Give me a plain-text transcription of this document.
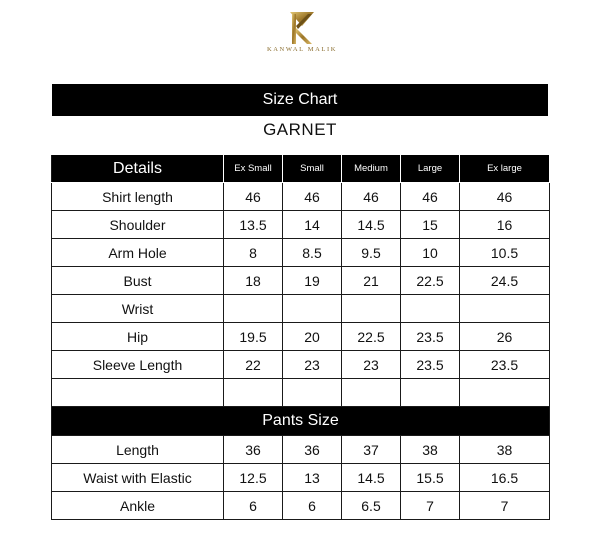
KANWAL MALIK
Size Chart
GARNET
Details	Ex Small	Small	Medium	Large	Ex large
Shirt length	46	46	46	46	46
Shoulder	13.5	14	14.5	15	16
Arm Hole	8	8.5	9.5	10	10.5
Bust	18	19	21	22.5	24.5
Wrist					
Hip	19.5	20	22.5	23.5	26
Sleeve Length	22	23	23	23.5	23.5

Pants Size					
Length	36	36	37	38	38
Waist with Elastic	12.5	13	14.5	15.5	16.5
Ankle	6	6	6.5	7	7
